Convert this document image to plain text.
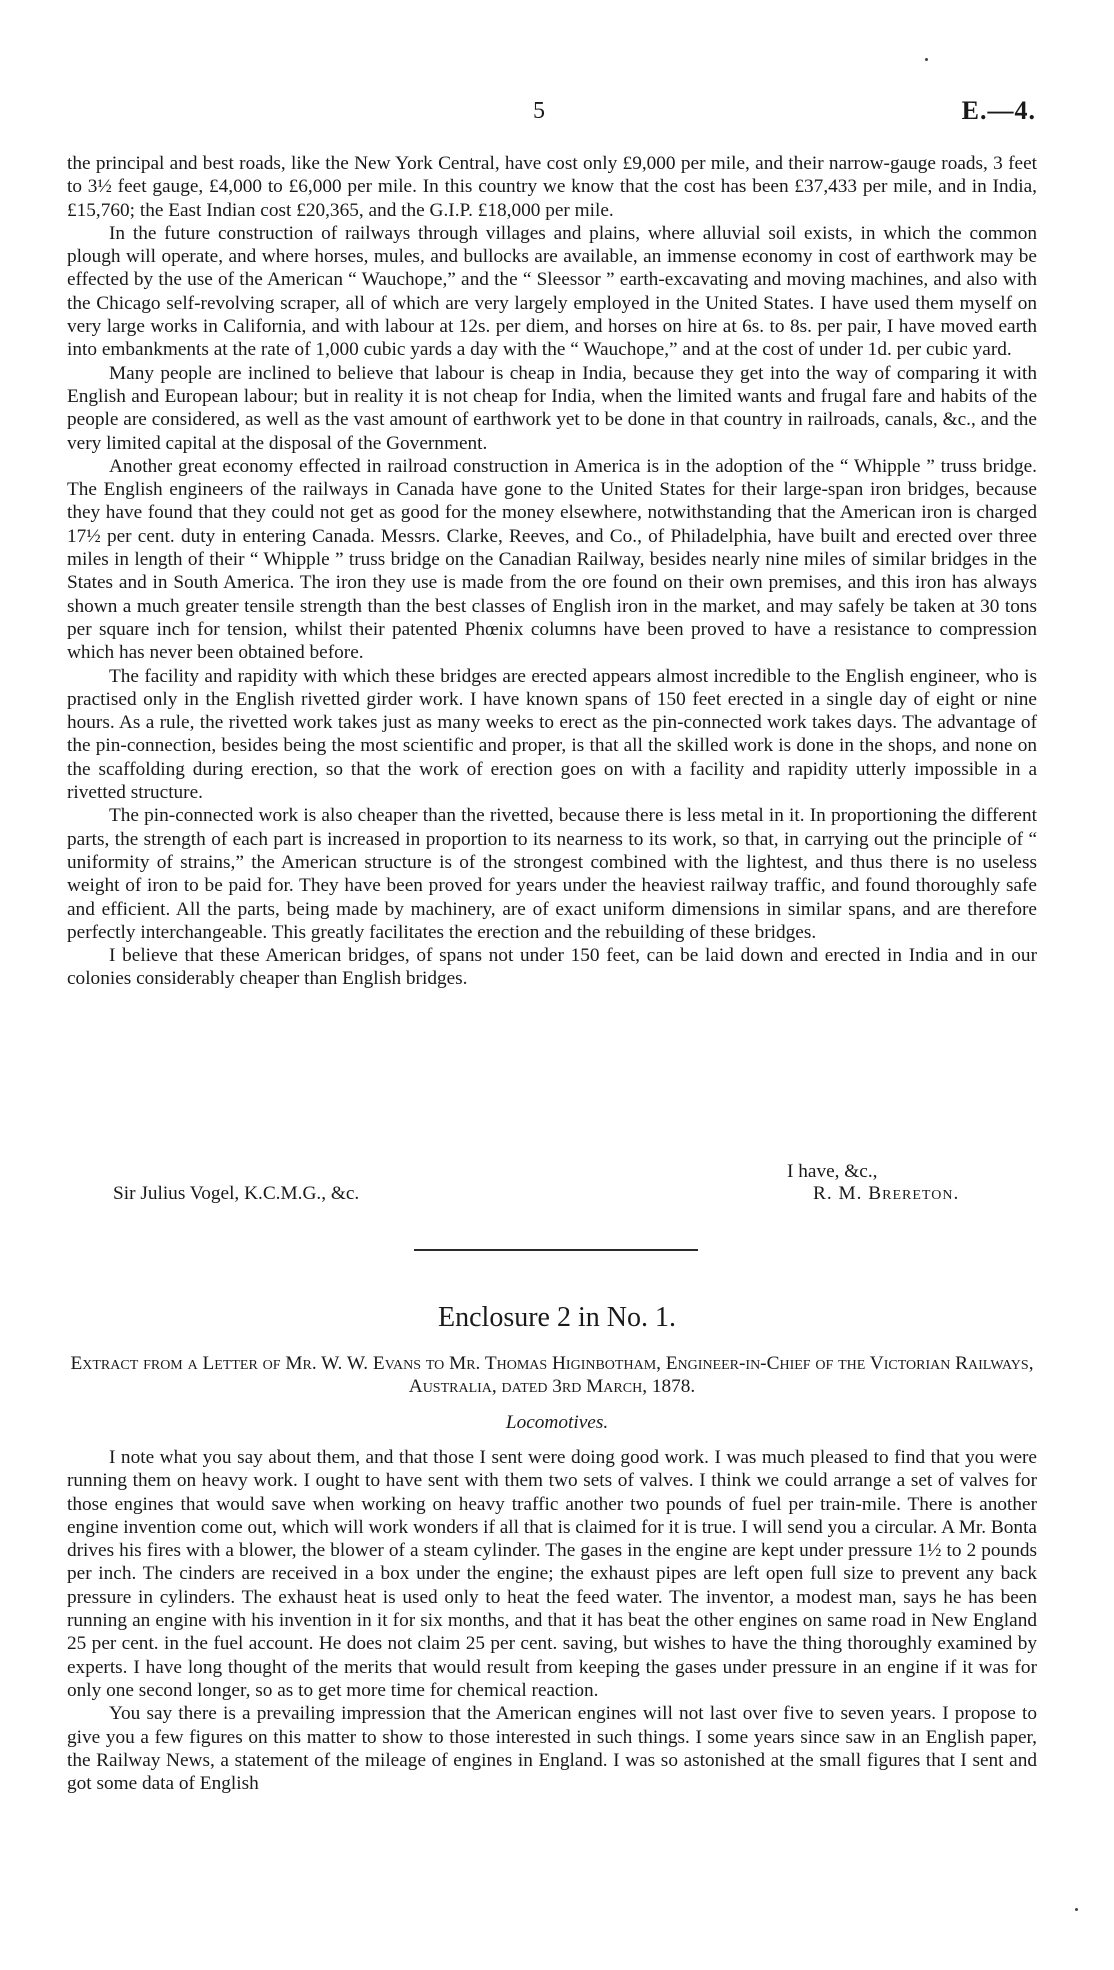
5	E.—4.

the principal and best roads, like the New York Central, have cost only £9,000 per mile, and their narrow-gauge roads, 3 feet to 3½ feet gauge, £4,000 to £6,000 per mile. In this country we know that the cost has been £37,433 per mile, and in India, £15,760; the East Indian cost £20,365, and the G.I.P. £18,000 per mile.

In the future construction of railways through villages and plains, where alluvial soil exists, in which the common plough will operate, and where horses, mules, and bullocks are available, an immense economy in cost of earthwork may be effected by the use of the American “ Wauchope,” and the “ Sleessor ” earth-excavating and moving machines, and also with the Chicago self-revolving scraper, all of which are very largely employed in the United States. I have used them myself on very large works in California, and with labour at 12s. per diem, and horses on hire at 6s. to 8s. per pair, I have moved earth into embankments at the rate of 1,000 cubic yards a day with the “ Wauchope,” and at the cost of under 1d. per cubic yard.

Many people are inclined to believe that labour is cheap in India, because they get into the way of comparing it with English and European labour; but in reality it is not cheap for India, when the limited wants and frugal fare and habits of the people are considered, as well as the vast amount of earthwork yet to be done in that country in railroads, canals, &c., and the very limited capital at the disposal of the Government.

Another great economy effected in railroad construction in America is in the adoption of the “ Whipple ” truss bridge. The English engineers of the railways in Canada have gone to the United States for their large-span iron bridges, because they have found that they could not get as good for the money elsewhere, notwithstanding that the American iron is charged 17½ per cent. duty in entering Canada. Messrs. Clarke, Reeves, and Co., of Philadelphia, have built and erected over three miles in length of their “ Whipple ” truss bridge on the Canadian Railway, besides nearly nine miles of similar bridges in the States and in South America. The iron they use is made from the ore found on their own premises, and this iron has always shown a much greater tensile strength than the best classes of English iron in the market, and may safely be taken at 30 tons per square inch for tension, whilst their patented Phœnix columns have been proved to have a resistance to compression which has never been obtained before.

The facility and rapidity with which these bridges are erected appears almost incredible to the English engineer, who is practised only in the English rivetted girder work. I have known spans of 150 feet erected in a single day of eight or nine hours. As a rule, the rivetted work takes just as many weeks to erect as the pin-connected work takes days. The advantage of the pin-connection, besides being the most scientific and proper, is that all the skilled work is done in the shops, and none on the scaffolding during erection, so that the work of erection goes on with a facility and rapidity utterly impossible in a rivetted structure.

The pin-connected work is also cheaper than the rivetted, because there is less metal in it. In proportioning the different parts, the strength of each part is increased in proportion to its nearness to its work, so that, in carrying out the principle of “ uniformity of strains,” the American structure is of the strongest combined with the lightest, and thus there is no useless weight of iron to be paid for. They have been proved for years under the heaviest railway traffic, and found thoroughly safe and efficient. All the parts, being made by machinery, are of exact uniform dimensions in similar spans, and are therefore perfectly interchangeable. This greatly facilitates the erection and the rebuilding of these bridges.

I believe that these American bridges, of spans not under 150 feet, can be laid down and erected in India and in our colonies considerably cheaper than English bridges.

I have, &c.,
Sir Julius Vogel, K.C.M.G., &c.	R. M. Brereton.
Enclosure 2 in No. 1.
Extract from a Letter of Mr. W. W. Evans to Mr. Thomas Higinbotham, Engineer-in-Chief of the Victorian Railways, Australia, dated 3rd March, 1878.
Locomotives.

I note what you say about them, and that those I sent were doing good work. I was much pleased to find that you were running them on heavy work. I ought to have sent with them two sets of valves. I think we could arrange a set of valves for those engines that would save when working on heavy traffic another two pounds of fuel per train-mile. There is another engine invention come out, which will work wonders if all that is claimed for it is true. I will send you a circular. A Mr. Bonta drives his fires with a blower, the blower of a steam cylinder. The gases in the engine are kept under pressure 1½ to 2 pounds per inch. The cinders are received in a box under the engine; the exhaust pipes are left open full size to prevent any back pressure in cylinders. The exhaust heat is used only to heat the feed water. The inventor, a modest man, says he has been running an engine with his invention in it for six months, and that it has beat the other engines on same road in New England 25 per cent. in the fuel account. He does not claim 25 per cent. saving, but wishes to have the thing thoroughly examined by experts. I have long thought of the merits that would result from keeping the gases under pressure in an engine if it was for only one second longer, so as to get more time for chemical reaction.

You say there is a prevailing impression that the American engines will not last over five to seven years. I propose to give you a few figures on this matter to show to those interested in such things. I some years since saw in an English paper, the Railway News, a statement of the mileage of engines in England. I was so astonished at the small figures that I sent and got some data of English
